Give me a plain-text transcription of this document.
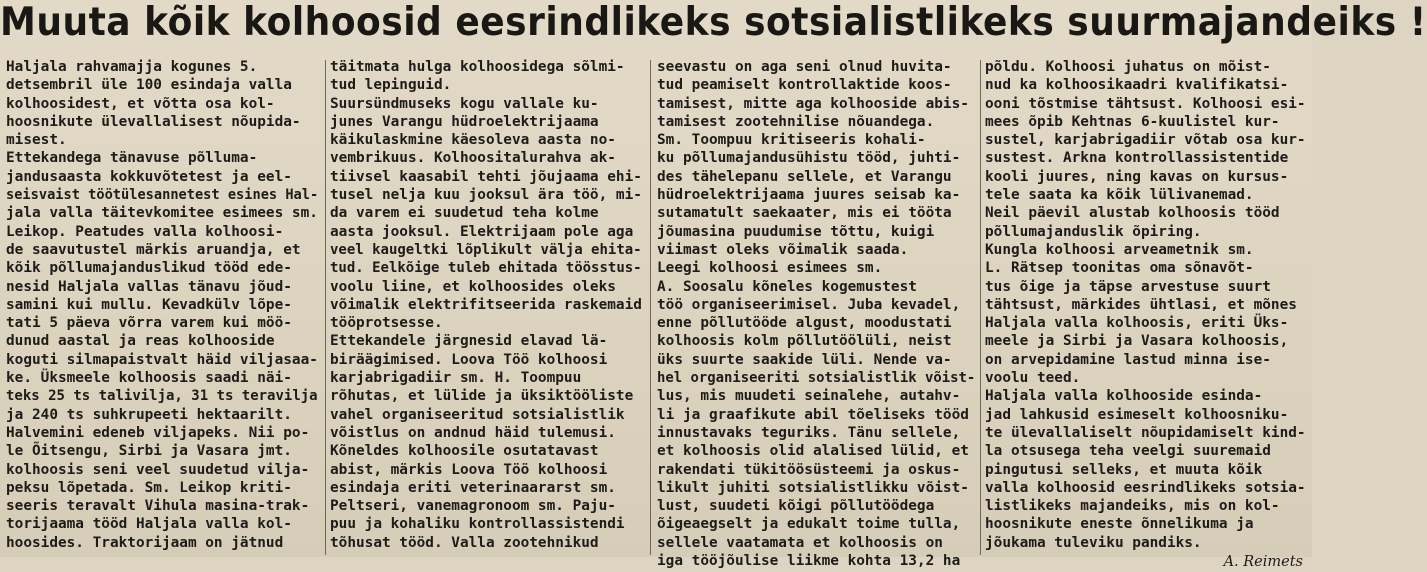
Muuta kõik kolhoosid eesrindlikeks sotsialistlikeks suurmajandeiks !
Haljala rahvamajja kogunes 5.
detsembril üle 100 esindaja valla
kolhoosidest, et võtta osa kol-
hoosnikute ülevallalisest nõupida-
misest.
Ettekandega tänavuse põlluma-
jandusaasta kokkuvõtetest ja eel-
seisvaist töötülesannetest esines Hal-
jala valla täitevkomitee esimees sm.
Leikop. Peatudes valla kolhoosi-
de saavutustel märkis aruandja, et
kõik põllumajanduslikud tööd ede-
nesid Haljala vallas tänavu jõud-
samini kui mullu. Kevadkülv lõpe-
tati 5 päeva võrra varem kui möö-
dunud aastal ja reas kolhooside
koguti silmapaistvalt häid viljasaa-
ke. Üksmeele kolhoosis saadi näi-
teks 25 ts talivilja, 31 ts teravilja
ja 240 ts suhkrupeeti hektaarilt.
Halvemini edeneb viljapeks. Nii po-
le Õitsengu, Sirbi ja Vasara jmt.
kolhoosis seni veel suudetud vilja-
peksu lõpetada. Sm. Leikop kriti-
seeris teravalt Vihula masina-trak-
torijaama tööd Haljala valla kol-
hoosides. Traktorijaam on jätnud
täitmata hulga kolhoosidega sõlmi-
tud lepinguid.
Suursündmuseks kogu vallale ku-
junes Varangu hüdroelektrijaama
käikulaskmine käesoleva aasta no-
vembrikuus. Kolhoositalurahva ak-
tiivsel kaasabil tehti jõujaama ehi-
tusel nelja kuu jooksul ära töö, mi-
da varem ei suudetud teha kolme
aasta jooksul. Elektrijaam pole aga
veel kaugeltki lõplikult välja ehita-
tud. Eelkõige tuleb ehitada töösstus-
voolu liine, et kolhoosides oleks
võimalik elektrifitseerida raskemaid
tööprotsesse.
Ettekandele järgnesid elavad lä-
biräägimised. Loova Töö kolhoosi
karjabrigadiir sm. H. Toompuu
rõhutas, et lülide ja üksiktööliste
vahel organiseeritud sotsialistlik
võistlus on andnud häid tulemusi.
Kõneldes kolhoosile osutatavast
abist, märkis Loova Töö kolhoosi
esindaja eriti veterinaararst sm.
Peltseri, vanemagronoom sm. Paju-
puu ja kohaliku kontrollassistendi
tõhusat tööd. Valla zootehnikud
seevastu on aga seni olnud huvita-
tud peamiselt kontrollaktide koos-
tamisest, mitte aga kolhooside abis-
tamisest zootehnilise nõuandega.
Sm. Toompuu kritiseeris kohali-
ku põllumajandusühistu tööd, juhti-
des tähelepanu sellele, et Varangu
hüdroelektrijaama juures seisab ka-
sutamatult saekaater, mis ei tööta
jõumasina puudumise tõttu, kuigi
viimast oleks võimalik saada.
Leegi kolhoosi esimees sm.
A. Soosalu kõneles kogemustest
töö organiseerimisel. Juba kevadel,
enne põllutööde algust, moodustati
kolhoosis kolm põllutöölüli, neist
üks suurte saakide lüli. Nende va-
hel organiseeriti sotsialistlik võist-
lus, mis muudeti seinalehe, autahv-
li ja graafikute abil tõeliseks tööd
innustavaks teguriks. Tänu sellele,
et kolhoosis olid alalised lülid, et
rakendati tükitöösüsteemi ja oskus-
likult juhiti sotsialistlikku võist-
lust, suudeti kõigi põllutöödega
õigeaegselt ja edukalt toime tulla,
sellele vaatamata et kolhoosis on
iga tööjõulise liikme kohta 13,2 ha
põldu. Kolhoosi juhatus on mõist-
nud ka kolhoosikaadri kvalifikatsi-
ooni tõstmise tähtsust. Kolhoosi esi-
mees õpib Kehtnas 6-kuulistel kur-
sustel, karjabrigadiir võtab osa kur-
sustest. Arkna kontrollassistentide
kooli juures, ning kavas on kursus-
tele saata ka kõik lülivanemad.
Neil päevil alustab kolhoosis tööd
põllumajanduslik õpiring.
Kungla kolhoosi arveametnik sm.
L. Rätsep toonitas oma sõnavõt-
tus õige ja täpse arvestuse suurt
tähtsust, märkides ühtlasi, et mõnes
Haljala valla kolhoosis, eriti Üks-
meele ja Sirbi ja Vasara kolhoosis,
on arvepidamine lastud minna ise-
voolu teed.
Haljala valla kolhooside esinda-
jad lahkusid esimeselt kolhoosniku-
te ülevallaliselt nõupidamiselt kind-
la otsusega teha veelgi suuremaid
pingutusi selleks, et muuta kõik
valla kolhoosid eesrindlikeks sotsia-
listlikeks majandeiks, mis on kol-
hoosnikute eneste õnnelikuma ja
jõukama tuleviku pandiks.
A. Reimets
